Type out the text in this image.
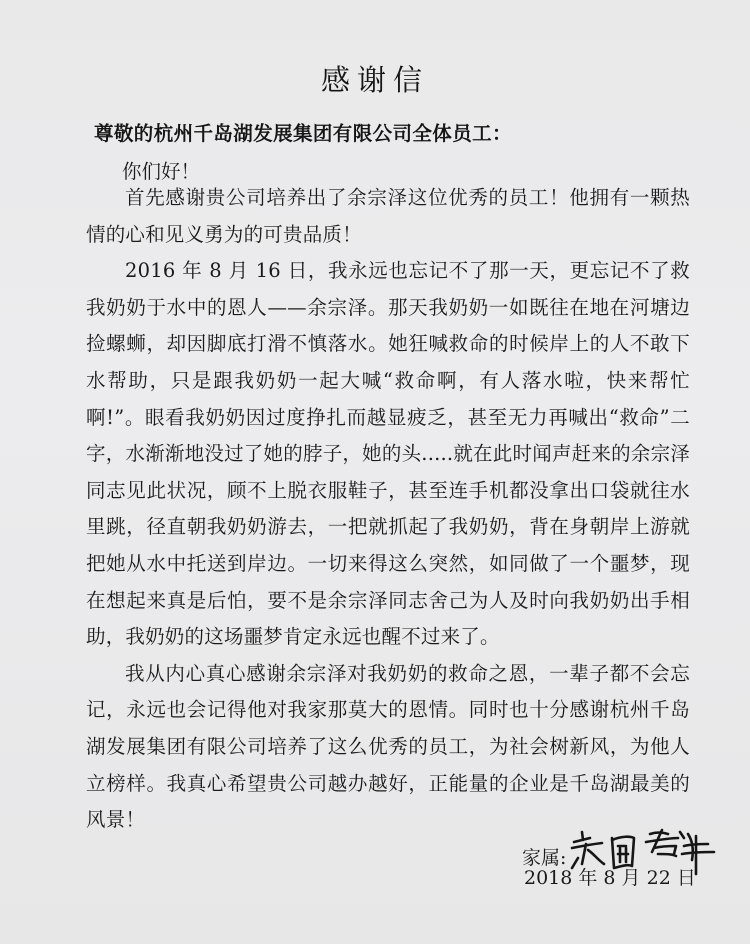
感谢信
尊敬的杭州千岛湖发展集团有限公司全体员工：
你们好！

首先感谢贵公司培养出了余宗泽这位优秀的员工！他拥有一颗热情的心和见义勇为的可贵品质！

2016 年 8 月 16 日，我永远也忘记不了那一天，更忘记不了救我奶奶于水中的恩人——余宗泽。那天我奶奶一如既往在地在河塘边捡螺蛳，却因脚底打滑不慎落水。她狂喊救命的时候岸上的人不敢下水帮助，只是跟我奶奶一起大喊“救命啊，有人落水啦，快来帮忙啊!”。眼看我奶奶因过度挣扎而越显疲乏，甚至无力再喊出“救命”二字，水渐渐地没过了她的脖子，她的头.....就在此时闻声赶来的余宗泽同志见此状况，顾不上脱衣服鞋子，甚至连手机都没拿出口袋就往水里跳，径直朝我奶奶游去，一把就抓起了我奶奶，背在身朝岸上游就把她从水中托送到岸边。一切来得这么突然，如同做了一个噩梦，现在想起来真是后怕，要不是余宗泽同志舍己为人及时向我奶奶出手相助，我奶奶的这场噩梦肯定永远也醒不过来了。

我从内心真心感谢余宗泽对我奶奶的救命之恩，一辈子都不会忘记，永远也会记得他对我家那莫大的恩情。同时也十分感谢杭州千岛湖发展集团有限公司培养了这么优秀的员工，为社会树新风，为他人立榜样。我真心希望贵公司越办越好，正能量的企业是千岛湖最美的风景！

家属:
2018 年 8 月 22 日
